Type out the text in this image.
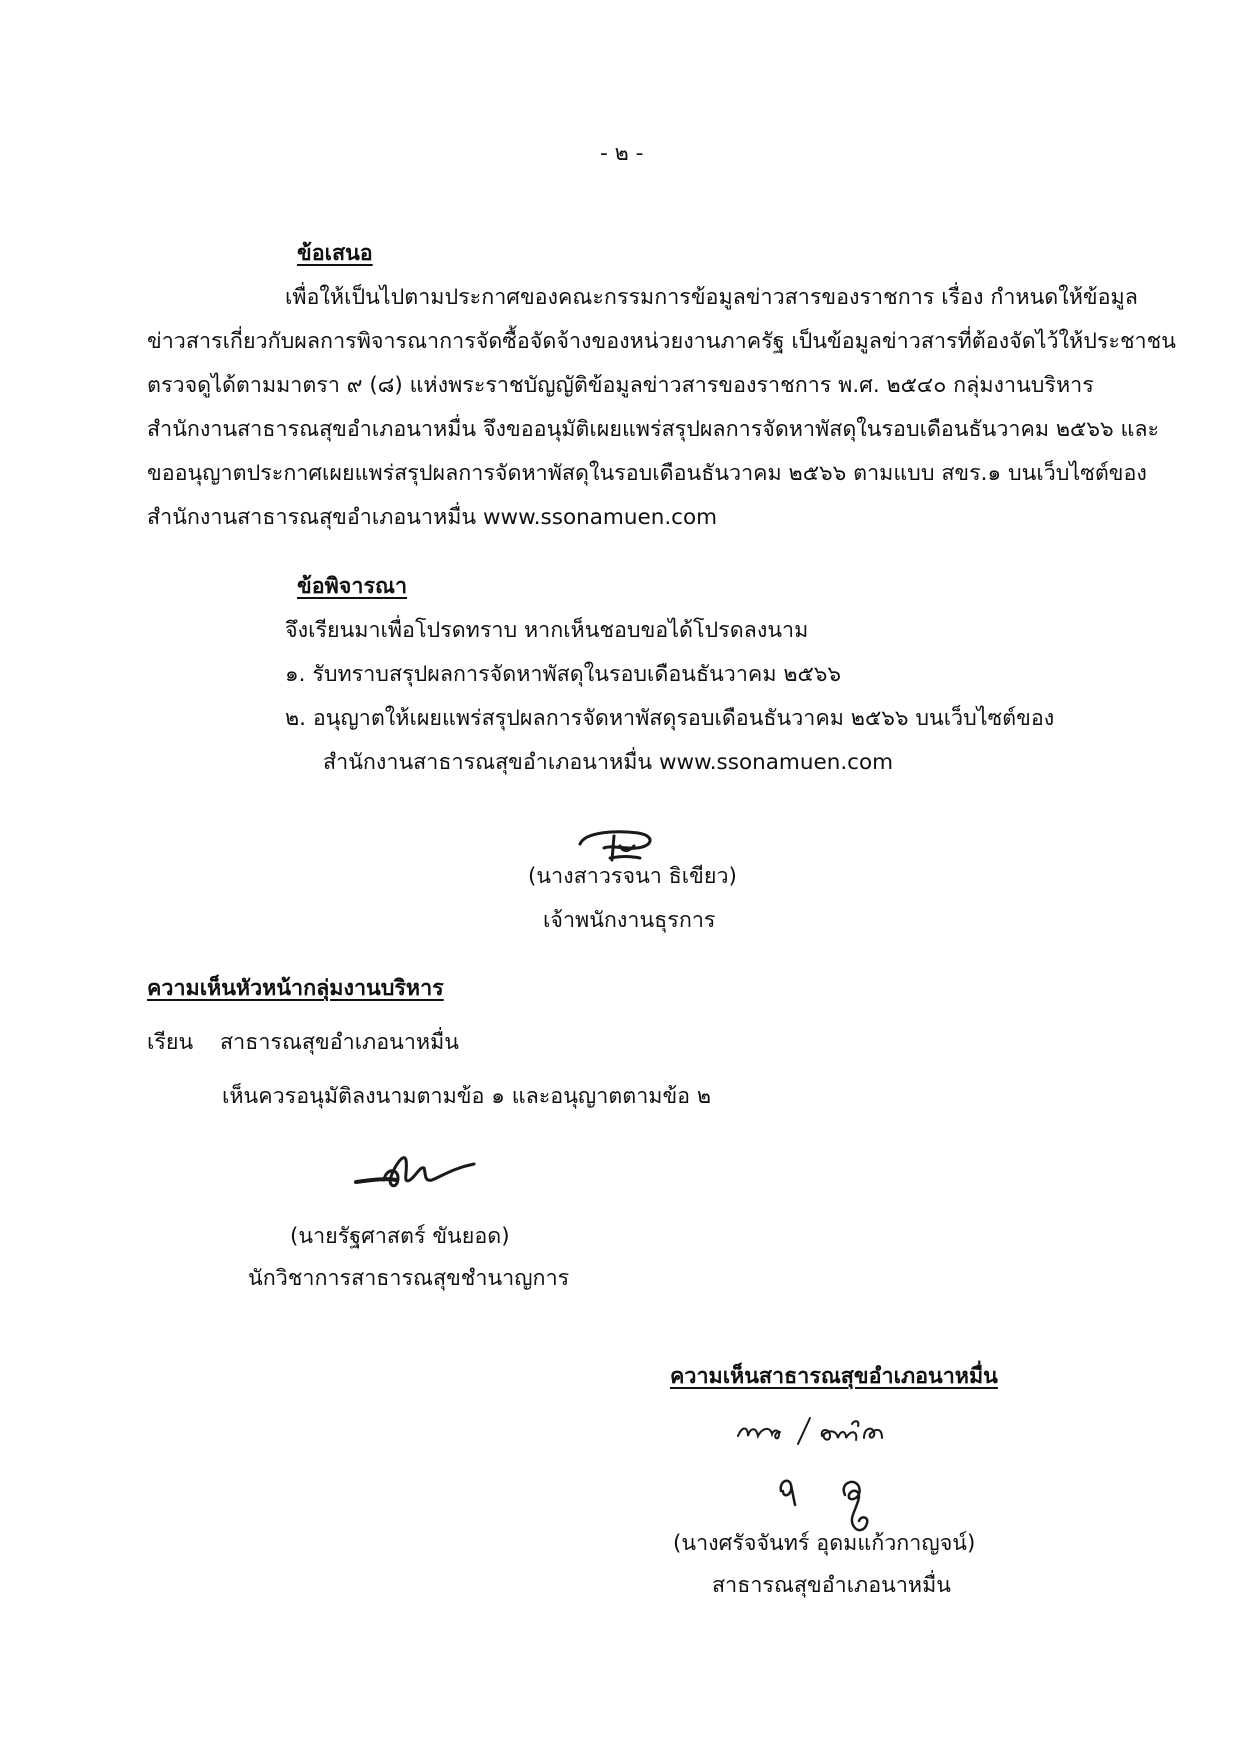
- ๒ -
ข้อเสนอ
เพื่อให้เป็นไปตามประกาศของคณะกรรมการข้อมูลข่าวสารของราชการ เรื่อง กำหนดให้ข้อมูล
ข่าวสารเกี่ยวกับผลการพิจารณาการจัดซื้อจัดจ้างของหน่วยงานภาครัฐ เป็นข้อมูลข่าวสารที่ต้องจัดไว้ให้ประชาชน
ตรวจดูได้ตามมาตรา ๙ (๘) แห่งพระราชบัญญัติข้อมูลข่าวสารของราชการ พ.ศ. ๒๕๔๐ กลุ่มงานบริหาร
สำนักงานสาธารณสุขอำเภอนาหมื่น จึงขออนุมัติเผยแพร่สรุปผลการจัดหาพัสดุในรอบเดือนธันวาคม ๒๕๖๖ และ
ขออนุญาตประกาศเผยแพร่สรุปผลการจัดหาพัสดุในรอบเดือนธันวาคม ๒๕๖๖ ตามแบบ สขร.๑ บนเว็บไซต์ของ
สำนักงานสาธารณสุขอำเภอนาหมื่น www.ssonamuen.com
ข้อพิจารณา
จึงเรียนมาเพื่อโปรดทราบ หากเห็นชอบขอได้โปรดลงนาม
๑. รับทราบสรุปผลการจัดหาพัสดุในรอบเดือนธันวาคม ๒๕๖๖
๒. อนุญาตให้เผยแพร่สรุปผลการจัดหาพัสดุรอบเดือนธันวาคม ๒๕๖๖ บนเว็บไซต์ของ
สำนักงานสาธารณสุขอำเภอนาหมื่น www.ssonamuen.com
(นางสาวรจนา ธิเขียว)
เจ้าพนักงานธุรการ
ความเห็นหัวหน้ากลุ่มงานบริหาร
เรียน สาธารณสุขอำเภอนาหมื่น
เห็นควรอนุมัติลงนามตามข้อ ๑ และอนุญาตตามข้อ ๒
(นายรัฐศาสตร์ ขันยอด)
นักวิชาการสาธารณสุขชำนาญการ
ความเห็นสาธารณสุขอำเภอนาหมื่น
(นางศรัจจันทร์ อุดมแก้วกาญจน์)
สาธารณสุขอำเภอนาหมื่น
